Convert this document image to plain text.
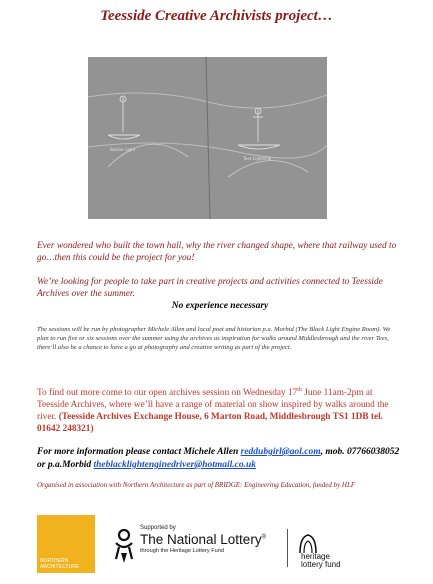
Teesside Creative Archivists project…
Bolster Light
Tees Lightship
Ever wondered who built the town hall, why the river changed shape, where that railway used to go…then this could be the project for you!
We’re looking for people to take part in creative projects and activities connected to Teesside Archives over the summer.
No experience necessary
The sessions will be run by photographer Michele Allen and local poet and historian p.a. Morbid (The Black Light Engine Room). We plan to run five or six sessions over the summer using the archives as inspiration for walks around Middlesbrough and the river Tees, there’ll also be a chance to have a go at photography and creative writing as part of the project.
To find out more come to our open archives session on Wednesday 17th June 11am-2pm at Teesside Archives, where we’ll have a range of material on show inspired by walks around the river. (Teesside Archives Exchange House, 6 Marton Road, Middlesbrough TS1 1DB tel. 01642 248321)
For more information please contact Michele Allen reddubgirl@aol.com, mob. 07766038052 or p.a.Morbid theblacklightenginedriver@hotmail.co.uk
Organised in association with Northern Architecture as part of BRIDGE: Engineering Education, funded by HLF
NORTHERN ARCHITECTURE
Supported by
The National Lottery®
through the Heritage Lottery Fund
heritage
lottery fund
